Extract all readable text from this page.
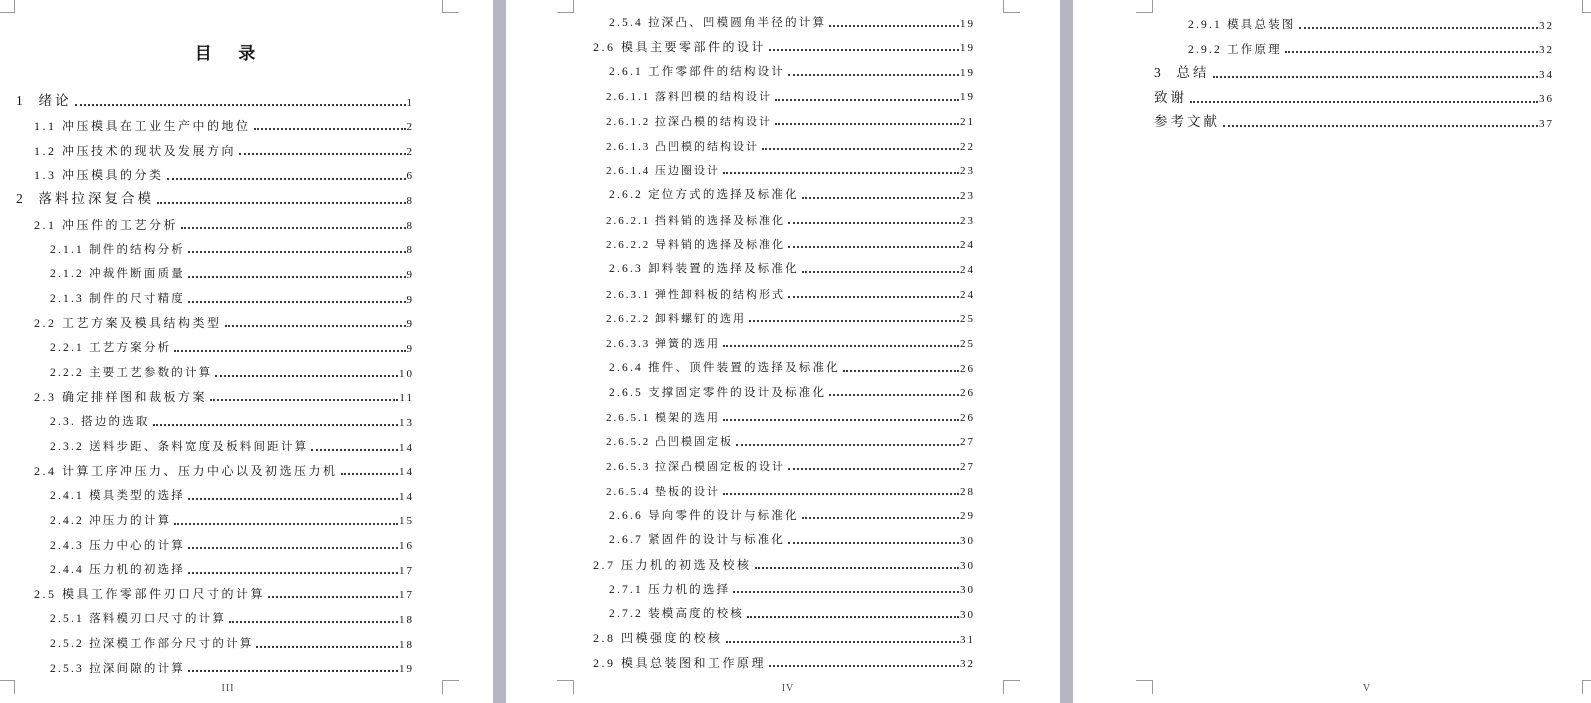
目  录
1  绪论	1
1.1 冲压模具在工业生产中的地位	2
1.2 冲压技术的现状及发展方向	2
1.3 冲压模具的分类	6
2  落料拉深复合模	8
2.1 冲压件的工艺分析	8
2.1.1 制件的结构分析	8
2.1.2 冲裁件断面质量	9
2.1.3 制件的尺寸精度	9
2.2 工艺方案及模具结构类型	9
2.2.1 工艺方案分析	9
2.2.2 主要工艺参数的计算	10
2.3 确定排样图和裁板方案	11
2.3. 搭边的选取	13
2.3.2 送料步距、条料宽度及板料间距计算	14
2.4 计算工序冲压力、压力中心以及初选压力机	14
2.4.1 模具类型的选择	14
2.4.2 冲压力的计算	15
2.4.3 压力中心的计算	16
2.4.4 压力机的初选择	17
2.5 模具工作零部件刃口尺寸的计算	17
2.5.1 落料模刃口尺寸的计算	18
2.5.2 拉深模工作部分尺寸的计算	18
2.5.3 拉深间隙的计算	19
III
2.5.4 拉深凸、凹模圆角半径的计算	19
2.6 模具主要零部件的设计	19
2.6.1 工作零部件的结构设计	19
2.6.1.1 落料凹模的结构设计	19
2.6.1.2 拉深凸模的结构设计	21
2.6.1.3 凸凹模的结构设计	22
2.6.1.4 压边圈设计	23
2.6.2 定位方式的选择及标准化	23
2.6.2.1 挡料销的选择及标准化	23
2.6.2.2 导料销的选择及标准化	24
2.6.3 卸料装置的选择及标准化	24
2.6.3.1 弹性卸料板的结构形式	24
2.6.2.2 卸料螺钉的选用	25
2.6.3.3 弹簧的选用	25
2.6.4 推件、顶件装置的选择及标准化	26
2.6.5 支撑固定零件的设计及标准化	26
2.6.5.1 模架的选用	26
2.6.5.2 凸凹模固定板	27
2.6.5.3 拉深凸模固定板的设计	27
2.6.5.4 垫板的设计	28
2.6.6 导向零件的设计与标准化	29
2.6.7 紧固件的设计与标准化	30
2.7 压力机的初选及校核	30
2.7.1 压力机的选择	30
2.7.2 装模高度的校核	30
2.8 凹模强度的校核	31
2.9 模具总装图和工作原理	32
IV
2.9.1 模具总装图	32
2.9.2 工作原理	32
3  总结	34
致谢	36
参考文献	37
V
